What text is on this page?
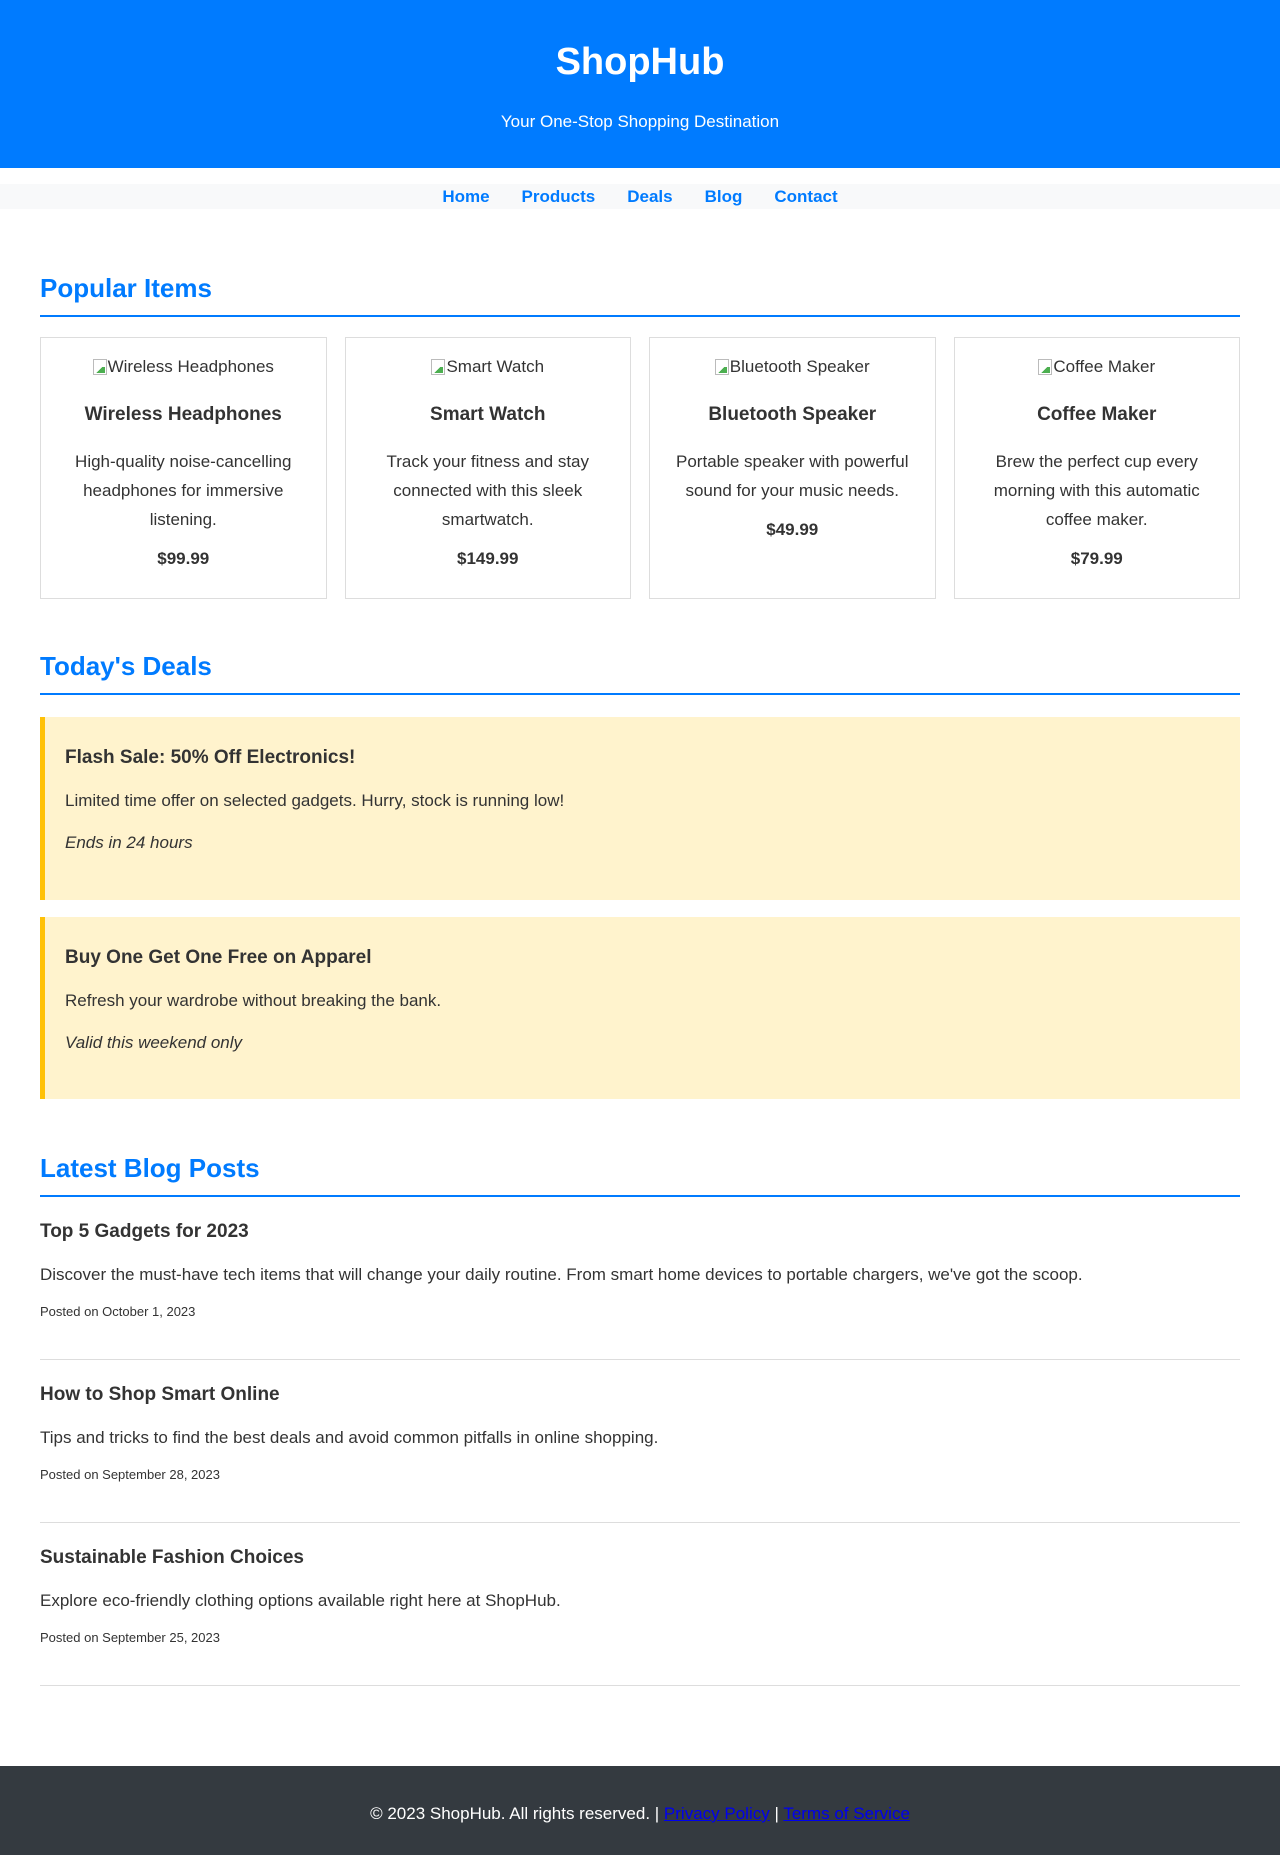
ShopHub

Your One-Stop Shopping Destination

Home Products Deals Blog Contact
Popular Items
Wireless Headphones
Wireless Headphones

High-quality noise-cancelling headphones for immersive listening.

$99.99

Smart Watch
Smart Watch

Track your fitness and stay connected with this sleek smartwatch.

$149.99

Bluetooth Speaker
Bluetooth Speaker

Portable speaker with powerful sound for your music needs.

$49.99

Coffee Maker
Coffee Maker

Brew the perfect cup every morning with this automatic coffee maker.

$79.99

Today's Deals
Flash Sale: 50% Off Electronics!

Limited time offer on selected gadgets. Hurry, stock is running low!

Ends in 24 hours

Buy One Get One Free on Apparel

Refresh your wardrobe without breaking the bank.

Valid this weekend only

Latest Blog Posts
Top 5 Gadgets for 2023

Discover the must-have tech items that will change your daily routine. From smart home devices to portable chargers, we've got the scoop.

Posted on October 1, 2023
How to Shop Smart Online

Tips and tricks to find the best deals and avoid common pitfalls in online shopping.

Posted on September 28, 2023
Sustainable Fashion Choices

Explore eco-friendly clothing options available right here at ShopHub.

Posted on September 25, 2023
© 2023 ShopHub. All rights reserved. | Privacy Policy | Terms of Service
